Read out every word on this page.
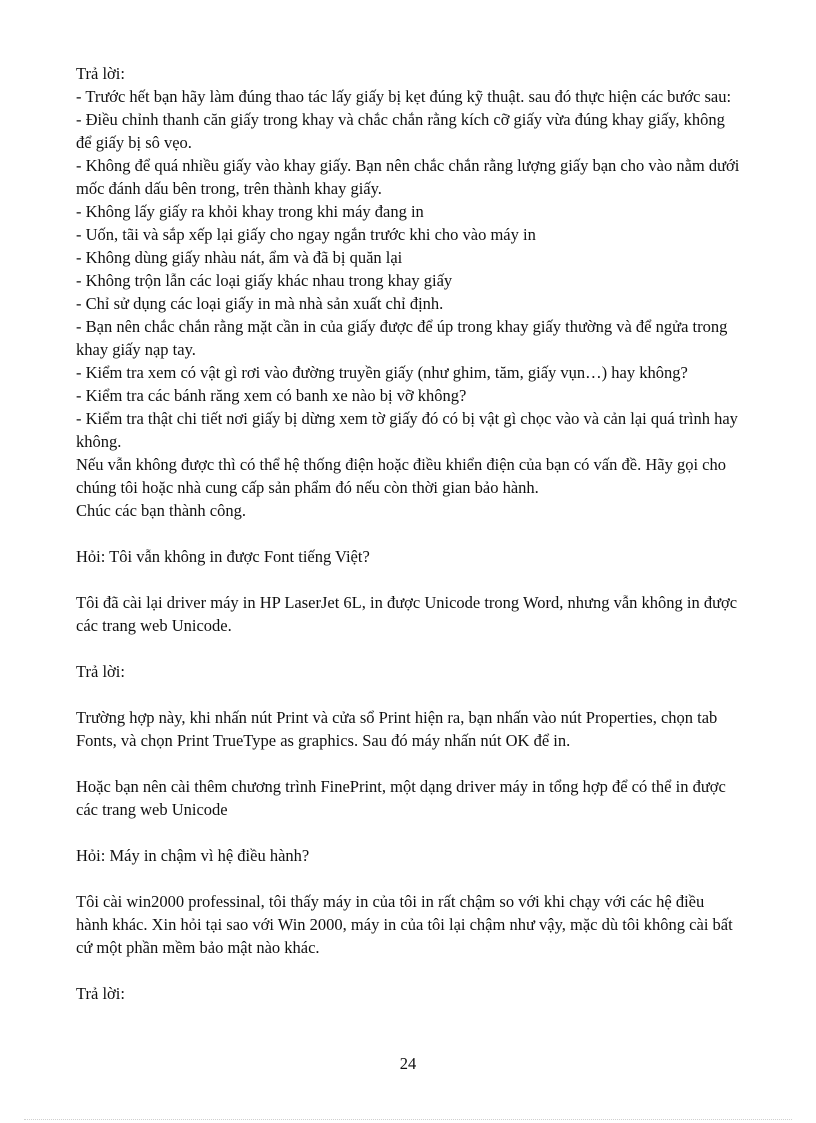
Trả lời:

- Trước hết bạn hãy làm đúng thao tác lấy giấy bị kẹt đúng kỹ thuật. sau đó thực hiện các bước sau:

- Điều chỉnh thanh căn giấy trong khay và chắc chắn rằng kích cỡ giấy vừa đúng khay giấy, không để giấy bị sô vẹo.

- Không để quá nhiều giấy vào khay giấy. Bạn nên chắc chắn rằng lượng giấy bạn cho vào nằm dưới mốc đánh dấu bên trong, trên thành khay giấy.

- Không lấy giấy ra khỏi khay trong khi máy đang in

- Uốn, tãi và sắp xếp lại giấy cho ngay ngắn trước khi cho vào máy in

- Không dùng giấy nhàu nát, ẩm và đã bị quăn lại

- Không trộn lẫn các loại giấy khác nhau trong khay giấy

- Chỉ sử dụng các loại giấy in mà nhà sản xuất chỉ định.

- Bạn nên chắc chắn rằng mặt cần in của giấy được để úp trong khay giấy thường và để ngửa trong khay giấy nạp tay.

- Kiểm tra xem có vật gì rơi vào đường truyền giấy (như ghim, tăm, giấy vụn…) hay không?

- Kiểm tra các bánh răng xem có banh xe nào bị vỡ không?

- Kiểm tra thật chi tiết nơi giấy bị dừng xem tờ giấy đó có bị vật gì chọc vào và cản lại quá trình hay không.

Nếu vẫn không được thì có thể hệ thống điện hoặc điều khiển điện của bạn có vấn đề. Hãy gọi cho chúng tôi hoặc nhà cung cấp sản phẩm đó nếu còn thời gian bảo hành.

Chúc các bạn thành công.

Hỏi: Tôi vẫn không in được Font tiếng Việt?

Tôi đã cài lại driver máy in HP LaserJet 6L, in được Unicode trong Word, nhưng vẫn không in được các trang web Unicode.

Trả lời:

Trường hợp này, khi nhấn nút Print và cửa sổ Print hiện ra, bạn nhấn vào nút Properties, chọn tab Fonts, và chọn Print TrueType as graphics. Sau đó máy nhấn nút OK để in.

Hoặc bạn nên cài thêm chương trình FinePrint, một dạng driver máy in tổng hợp để có thể in được các trang web Unicode

Hỏi: Máy in chậm vì hệ điều hành?

Tôi cài win2000 professinal, tôi thấy máy in của tôi in rất chậm so với khi chạy với các hệ điều hành khác. Xin hỏi tại sao với Win 2000, máy in của tôi lại chậm như vậy, mặc dù tôi không cài bất cứ một phần mềm bảo mật nào khác.

Trả lời:

24
